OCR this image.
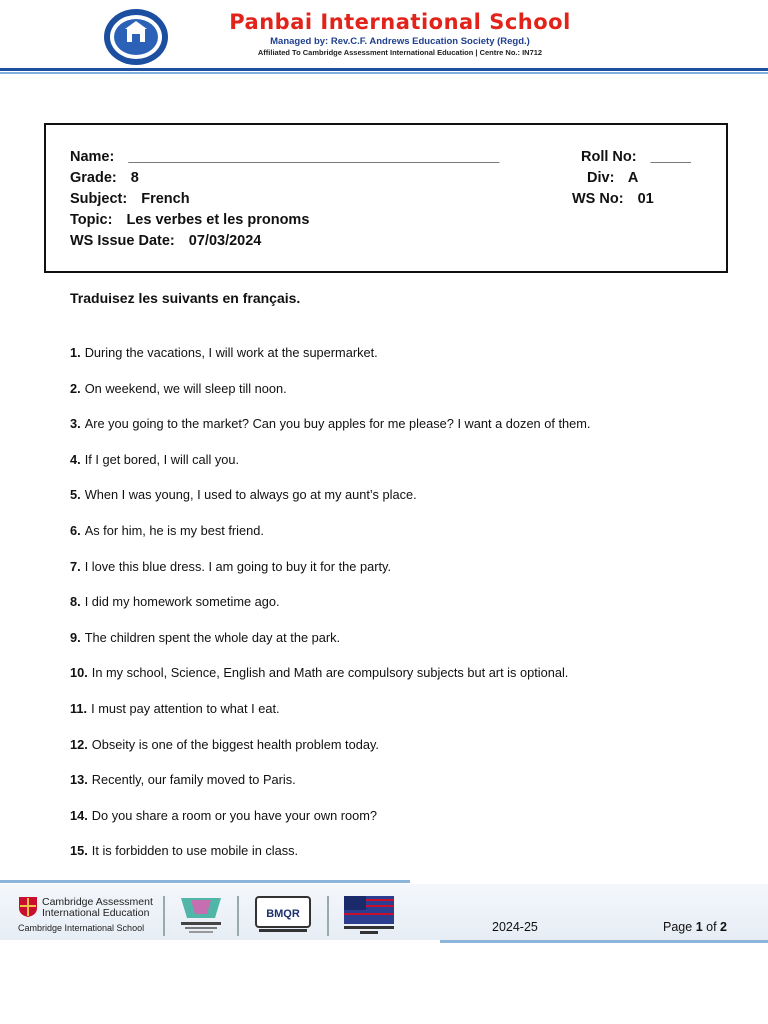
Panbai International School
Managed by: Rev.C.F. Andrews Education Society (Regd.)
Affiliated To Cambridge Assessment International Education | Centre No.: IN712
Name: ______________________________________________	Roll No: _____
Grade: 8	Div: A
Subject: French	WS No: 01
Topic: Les verbes et les pronoms
WS Issue Date: 07/03/2024
Traduisez les suivants en français.
1. During the vacations, I will work at the supermarket.
2. On weekend, we will sleep till noon.
3. Are you going to the market? Can you buy apples for me please? I want a dozen of them.
4. If I get bored, I will call you.
5. When I was young, I used to always go at my aunt’s place.
6. As for him, he is my best friend.
7. I love this blue dress. I am going to buy it for the party.
8. I did my homework sometime ago.
9. The children spent the whole day at the park.
10. In my school, Science, English and Math are compulsory subjects but art is optional.
11. I must pay attention to what I eat.
12. Obseity is one of the biggest health problem today.
13. Recently, our family moved to Paris.
14. Do you share a room or you have your own room?
15. It is forbidden to use mobile in class.
Cambridge Assessment
International Education
Cambridge International School
BMQR
2024-25	Page 1 of 2
